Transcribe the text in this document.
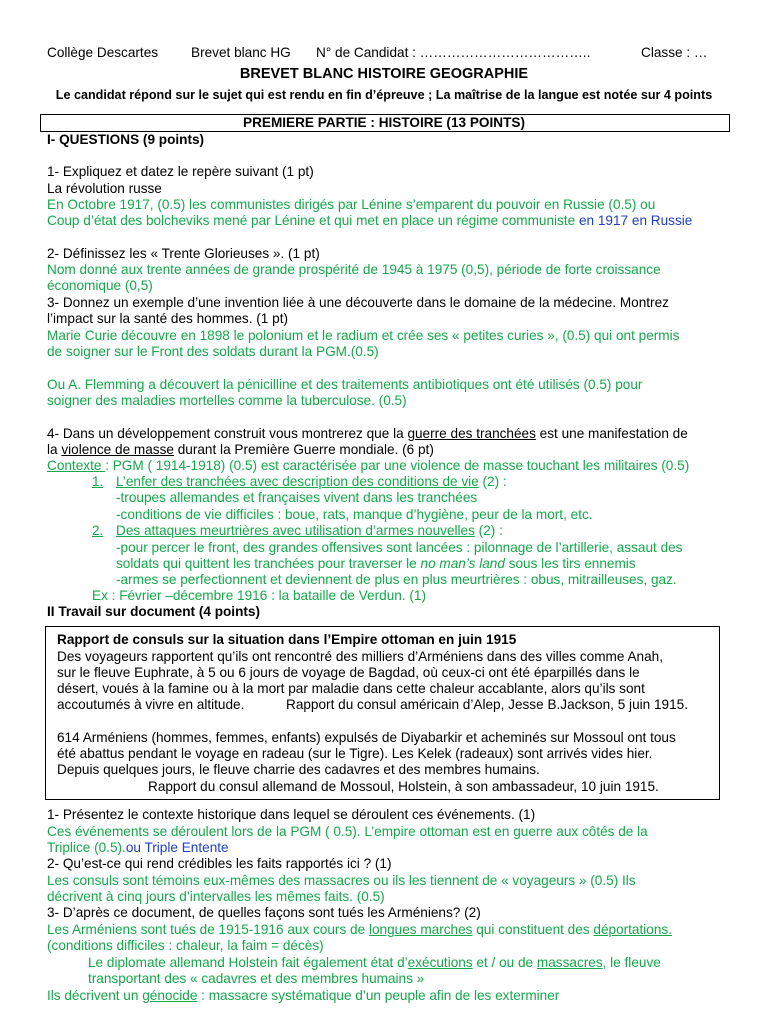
Collège Descartes Brevet blanc HG N° de Candidat : ………………………………..	Classe : …
BREVET BLANC HISTOIRE GEOGRAPHIE
Le candidat répond sur le sujet qui est rendu en fin d’épreuve ; La maîtrise de la langue est notée sur 4 points
PREMIERE PARTIE : HISTOIRE (13 POINTS)
I- QUESTIONS (9 points)
1- Expliquez et datez le repère suivant (1 pt)
La révolution russe
En Octobre 1917, (0.5) les communistes dirigés par Lénine s’emparent du pouvoir en Russie (0.5) ou
Coup d’état des bolcheviks mené par Lénine et qui met en place un régime communiste en 1917 en Russie
2- Définissez les « Trente Glorieuses ». (1 pt)
Nom donné aux trente années de grande prospérité de 1945 à 1975 (0,5), période de forte croissance
économique (0,5)
3- Donnez un exemple d’une invention liée à une découverte dans le domaine de la médecine. Montrez
l’impact sur la santé des hommes. (1 pt)
Marie Curie découvre en 1898 le polonium et le radium et crée ses « petites curies », (0.5) qui ont permis
de soigner sur le Front des soldats durant la PGM.(0.5)
Ou A. Flemming a découvert la pénicilline et des traitements antibiotiques ont été utilisés (0.5) pour
soigner des maladies mortelles comme la tuberculose. (0.5)
4- Dans un développement construit vous montrerez que la guerre des tranchées est une manifestation de
la violence de masse durant la Première Guerre mondiale. (6 pt)
Contexte : PGM ( 1914-1918) (0.5) est caractérisée par une violence de masse touchant les militaires (0.5)
1. L’enfer des tranchées avec description des conditions de vie (2) :
-troupes allemandes et françaises vivent dans les tranchées
-conditions de vie difficiles : boue, rats, manque d’hygiène, peur de la mort, etc.
2. Des attaques meurtrières avec utilisation d’armes nouvelles (2) :
-pour percer le front, des grandes offensives sont lancées : pilonnage de l’artillerie, assaut des
soldats qui quittent les tranchées pour traverser le no man’s land sous les tirs ennemis
-armes se perfectionnent et deviennent de plus en plus meurtrières : obus, mitrailleuses, gaz.
Ex : Février –décembre 1916 : la bataille de Verdun. (1)
II Travail sur document (4 points)
Rapport de consuls sur la situation dans l’Empire ottoman en juin 1915
Des voyageurs rapportent qu’ils ont rencontré des milliers d’Arméniens dans des villes comme Anah,
sur le fleuve Euphrate, à 5 ou 6 jours de voyage de Bagdad, où ceux-ci ont été éparpillés dans le
désert, voués à la famine ou à la mort par maladie dans cette chaleur accablante, alors qu’ils sont
accoutumés à vivre en altitude.	Rapport du consul américain d’Alep, Jesse B.Jackson, 5 juin 1915.
614 Arméniens (hommes, femmes, enfants) expulsés de Diyabarkir et acheminés sur Mossoul ont tous
été abattus pendant le voyage en radeau (sur le Tigre). Les Kelek (radeaux) sont arrivés vides hier.
Depuis quelques jours, le fleuve charrie des cadavres et des membres humains.
Rapport du consul allemand de Mossoul, Holstein, à son ambassadeur, 10 juin 1915.
1- Présentez le contexte historique dans lequel se déroulent ces événements. (1)
Ces événements se déroulent lors de la PGM ( 0.5). L’empire ottoman est en guerre aux côtés de la
Triplice (0.5).ou Triple Entente
2- Qu’est-ce qui rend crédibles les faits rapportés ici ? (1)
Les consuls sont témoins eux-mêmes des massacres ou ils les tiennent de « voyageurs » (0.5) Ils
décrivent à cinq jours d’intervalles les mêmes faits. (0.5)
3- D’après ce document, de quelles façons sont tués les Arméniens? (2)
Les Arméniens sont tués de 1915-1916 aux cours de longues marches qui constituent des déportations.
(conditions difficiles : chaleur, la faim = décès)
Le diplomate allemand Holstein fait également état d’exécutions et / ou de massacres, le fleuve
transportant des « cadavres et des membres humains »
Ils décrivent un génocide : massacre systématique d’un peuple afin de les exterminer
